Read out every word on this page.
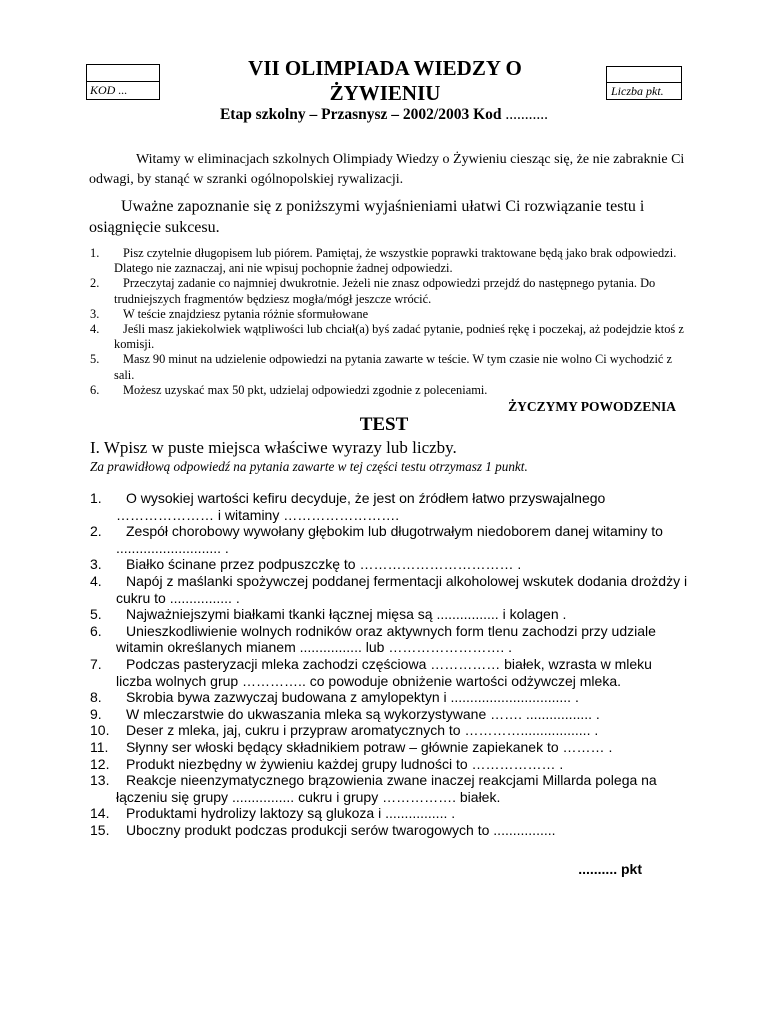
KOD ...
VII OLIMPIADA WIEDZY O ŻYWIENIU	Liczba pkt.
Etap szkolny – Przasnysz – 2002/2003 Kod ...........
Witamy w eliminacjach szkolnych Olimpiady Wiedzy o Żywieniu ciesząc się, że nie zabraknie Ci odwagi, by stanąć w szranki ogólnopolskiej rywalizacji.
Uważne zapoznanie się z poniższymi wyjaśnieniami ułatwi Ci rozwiązanie testu i osiągnięcie sukcesu.
1.	Pisz czytelnie długopisem lub piórem. Pamiętaj, że wszystkie poprawki traktowane będą jako brak odpowiedzi. Dlatego nie zaznaczaj, ani nie wpisuj pochopnie żadnej odpowiedzi.
2.	Przeczytaj zadanie co najmniej dwukrotnie. Jeżeli nie znasz odpowiedzi przejdź do następnego pytania. Do trudniejszych fragmentów będziesz mogła/mógł jeszcze wrócić.
3.	W teście znajdziesz pytania różnie sformułowane
4.	Jeśli masz jakiekolwiek wątpliwości lub chciał(a) byś zadać pytanie, podnieś rękę i poczekaj, aż podejdzie ktoś z komisji.
5.	Masz 90 minut na udzielenie odpowiedzi na pytania zawarte w teście. W tym czasie nie wolno Ci wychodzić z sali.
6.	Możesz uzyskać max 50 pkt, udzielaj odpowiedzi zgodnie z poleceniami.
ŻYCZYMY POWODZENIA
TEST
I. Wpisz w puste miejsca właściwe wyrazy lub liczby.
Za prawidłową odpowiedź na pytania zawarte w tej części testu otrzymasz 1 punkt.
1.	O wysokiej wartości kefiru decyduje, że jest on źródłem łatwo przyswajalnego ………………… i witaminy …………………….
2.	Zespół chorobowy wywołany głębokim lub długotrwałym niedoborem danej witaminy to ........................... .
3.	Białko ścinane przez podpuszczkę to …………………………… .
4.	Napój z maślanki spożywczej poddanej fermentacji alkoholowej wskutek dodania drożdży i cukru to ................ .
5.	Najważniejszymi białkami tkanki łącznej mięsa są ................ i kolagen .
6.	Unieszkodliwienie wolnych rodników oraz aktywnych form tlenu zachodzi przy udziale witamin określanych mianem ................ lub ……………………. .
7.	Podczas pasteryzacji mleka zachodzi częściowa …………… białek, wzrasta w mleku liczba wolnych grup ………….. co powoduje obniżenie wartości odżywczej mleka.
8.	Skrobia bywa zazwyczaj budowana z amylopektyn i ............................... .
9.	W mleczarstwie do ukwaszania mleka są wykorzystywane ……. ................. .
10.	Deser z mleka, jaj, cukru i przypraw aromatycznych to ………….................. .
11.	Słynny ser włoski będący składnikiem potraw – głównie zapiekanek to ……… .
12.	Produkt niezbędny w żywieniu każdej grupy ludności to ……………… .
13.	Reakcje nieenzymatycznego brązowienia zwane inaczej reakcjami Millarda polega na łączeniu się grupy ................ cukru i grupy ……………. białek.
14.	Produktami hydrolizy laktozy są glukoza i ................ .
15.	Uboczny produkt podczas produkcji serów twarogowych to ................
.......... pkt
